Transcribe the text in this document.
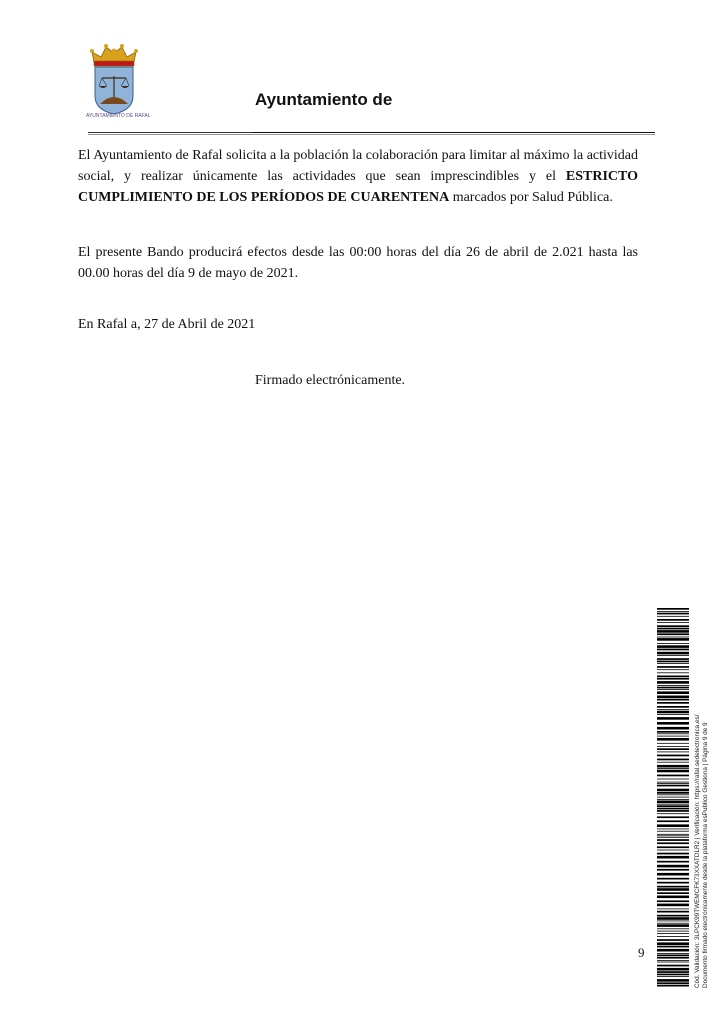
AYUNTAMIENTO DE RAFAL
Ayuntamiento de

El Ayuntamiento de Rafal solicita a la población la colaboración para limitar al máximo la actividad social, y realizar únicamente las actividades que sean imprescindibles y el ESTRICTO CUMPLIMIENTO DE LOS PERÍODOS DE CUARENTENA marcados por Salud Pública.

El presente Bando producirá efectos desde las 00:00 horas del día 26 de abril de 2.021 hasta las 00.00 horas del día 9 de mayo de 2021.

En Rafal a, 27 de Abril de 2021
Firmado electrónicamente.
9	Cód. Validación: 3LPCK99TWEMCFK73XXATDLR2 | Verificación: https://rafal.sedelectronica.es/ Documento firmado electrónicamente desde la plataforma esPublico Gestiona | Página 9 de 9
